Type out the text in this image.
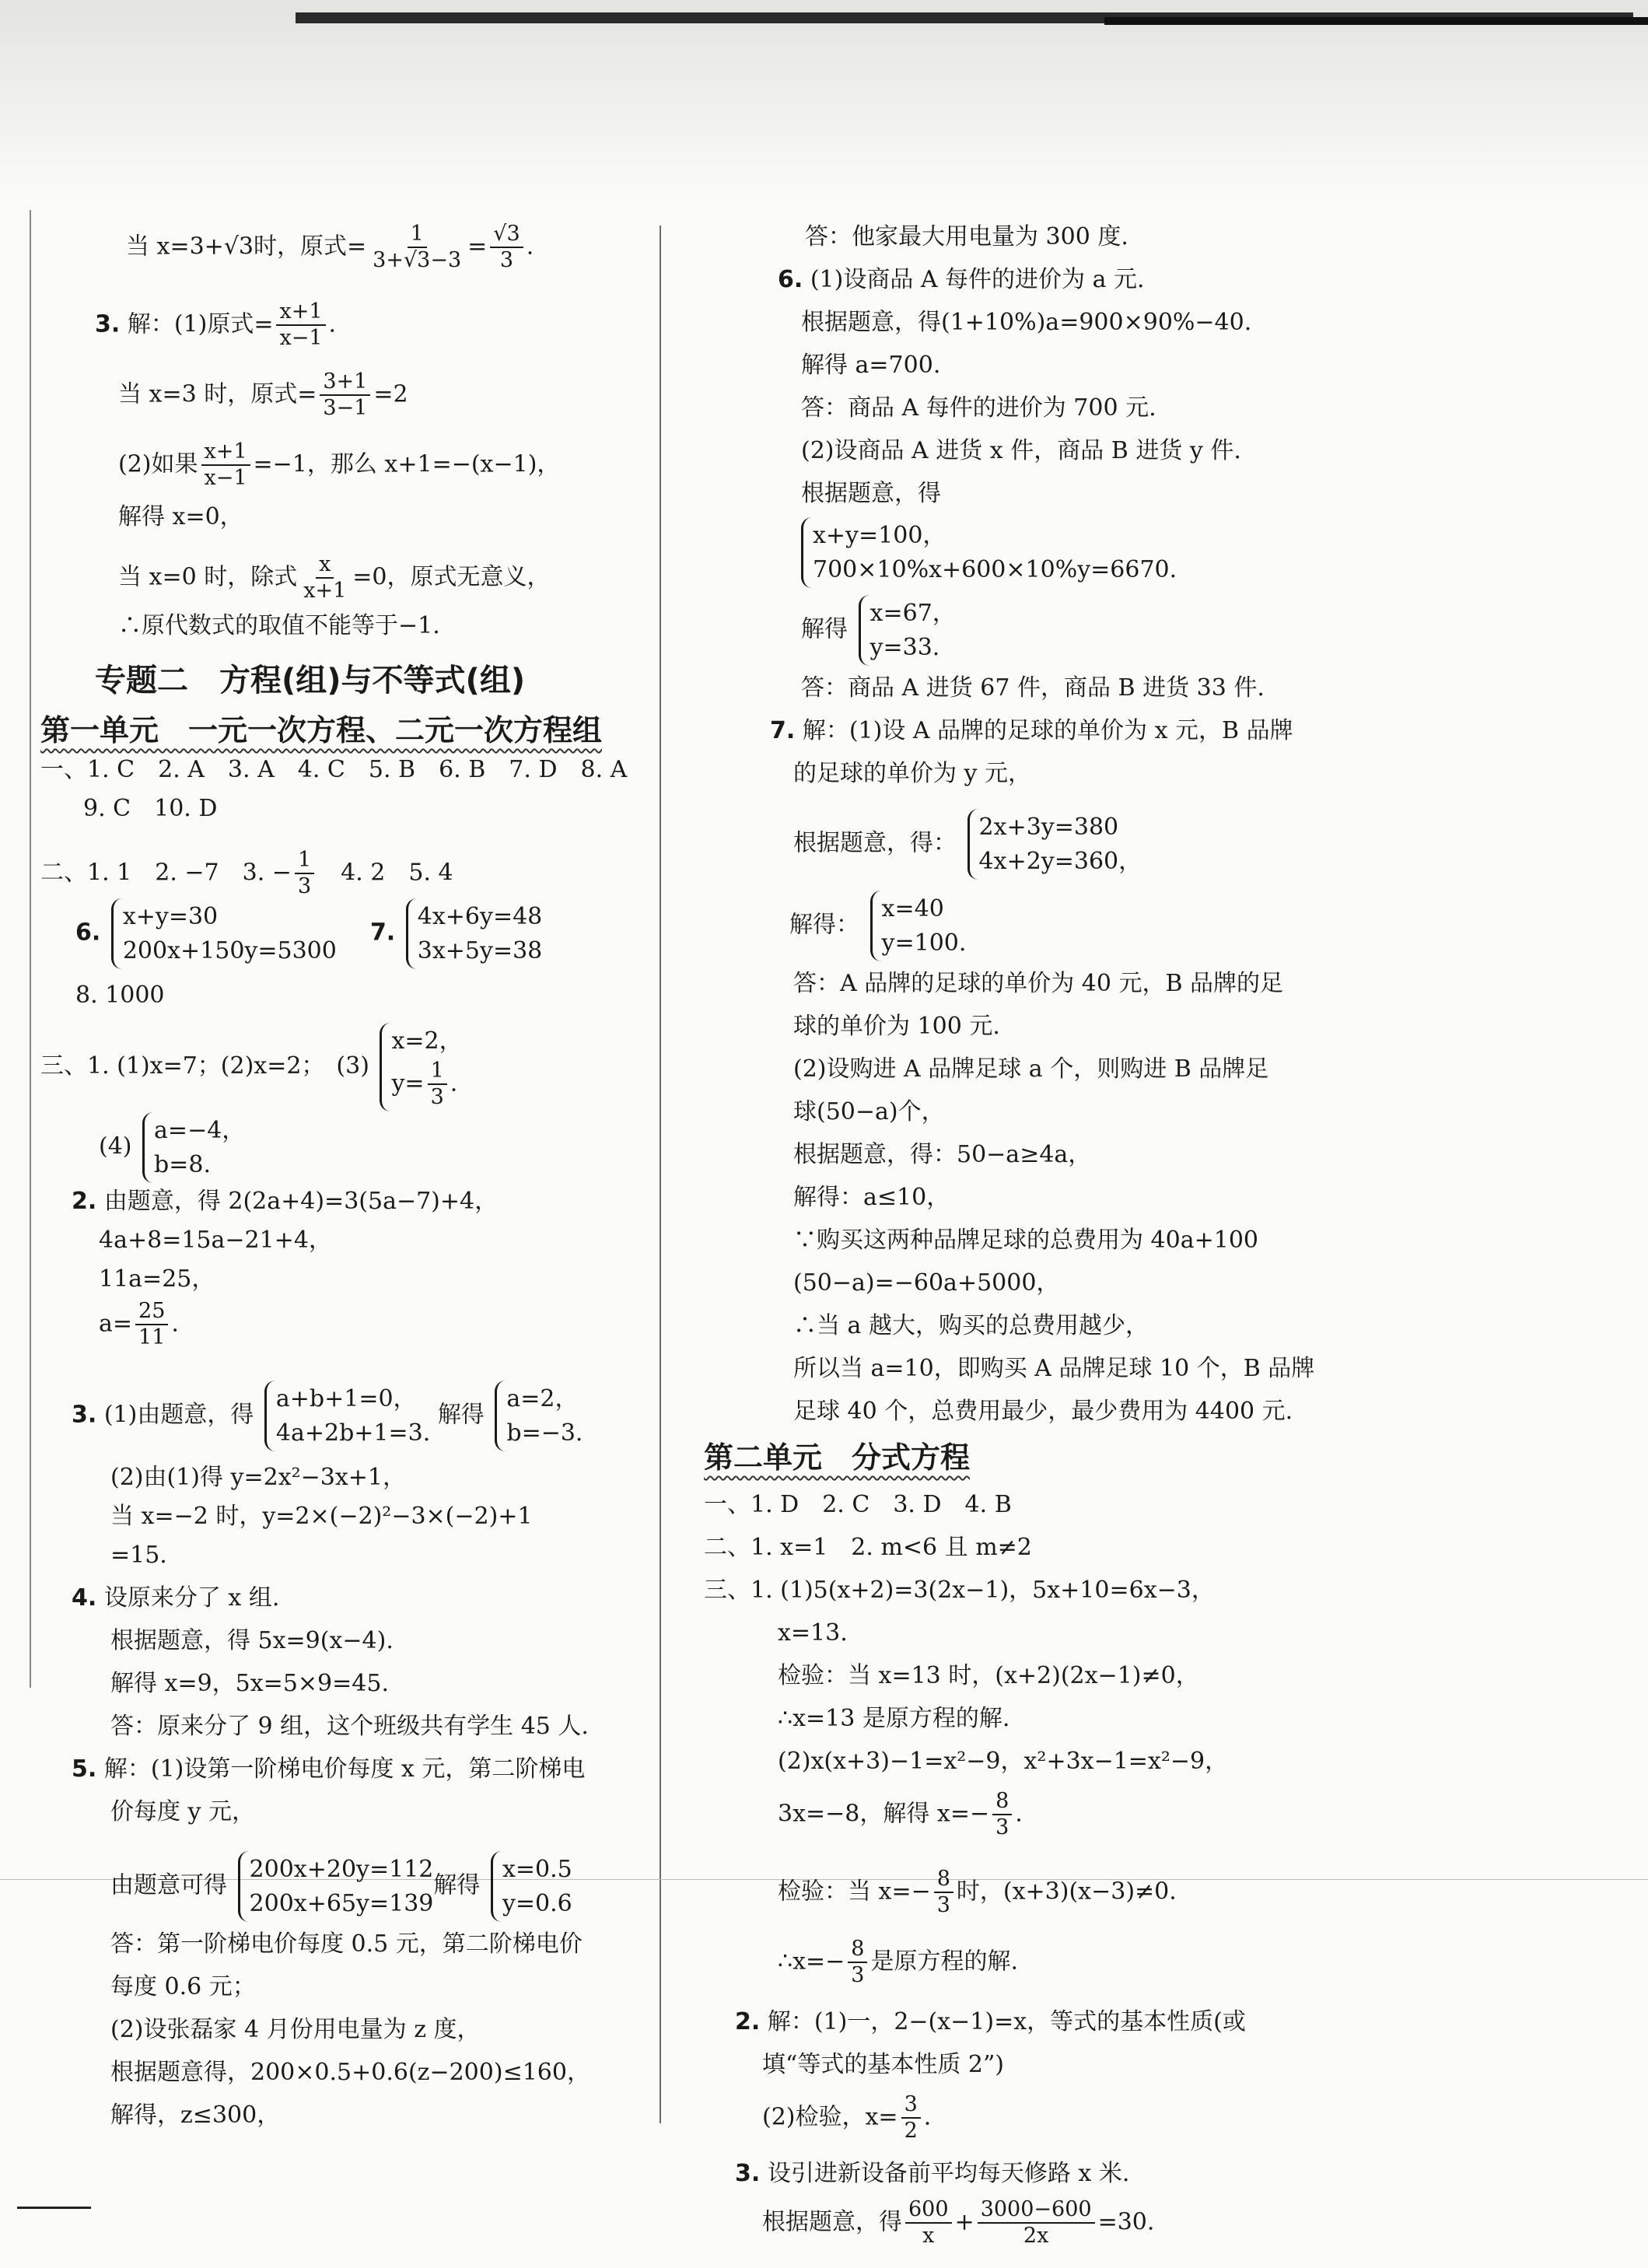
当 x=3+√3时，原式= $\frac{1}{3+√3-3} = \frac{√3}{3}$ .
3. 解：(1)原式= $\frac{x+1}{x-1}$ .
当 x=3 时，原式= $\frac{3+1}{3-1} =2$
(2)如果 $\frac{x+1}{x-1} =-1$，那么 x+1=−(x−1)，
解得 x=0，
当 x=0 时，除式 $\frac{x}{x+1} =0$，原式无意义，
∴原代数式的取值不能等于−1.
专题二　方程(组)与不等式(组)
第一单元　一元一次方程、二元一次方程组
一、1. C　2. A　3. A　4. C　5. B　6. B　7. D　8. A
9. C　10. D
二、1. 1　2. −7　3. − $\frac{1}{3}$ 　4. 2　5. 4
6.
x+y=30
200x+150y=5300
7.
4x+6y=48
3x+5y=38
8. 1000
三、1. (1)x=7；(2)x=2；　(3)
x=2，
$y= \frac{1}{3}$ .
(4)
a=−4，
b=8.
2. 由题意，得 2(2a+4)=3(5a−7)+4，
4a+8=15a−21+4，
11a=25，
$a= \frac{25}{11}$ .
3. (1)由题意，得
a+b+1=0，
4a+2b+1=3.
解得
a=2，
b=−3.
(2)由(1)得 y=2x²−3x+1，
当 x=−2 时，y=2×(−2)²−3×(−2)+1
=15.
4. 设原来分了 x 组.
根据题意，得 5x=9(x−4).
解得 x=9，5x=5×9=45.
答：原来分了 9 组，这个班级共有学生 45 人.
5. 解：(1)设第一阶梯电价每度 x 元，第二阶梯电
价每度 y 元，
由题意可得
200x+20y=112
200x+65y=139
解得
x=0.5
y=0.6
答：第一阶梯电价每度 0.5 元，第二阶梯电价
每度 0.6 元；
(2)设张磊家 4 月份用电量为 z 度，
根据题意得，200×0.5+0.6(z−200)≤160，
解得，z≤300，
答：他家最大用电量为 300 度.
6. (1)设商品 A 每件的进价为 a 元.
根据题意，得(1+10%)a=900×90%−40.
解得 a=700.
答：商品 A 每件的进价为 700 元.
(2)设商品 A 进货 x 件，商品 B 进货 y 件.
根据题意，得
x+y=100，
700×10%x+600×10%y=6670.
解得
x=67，
y=33.
答：商品 A 进货 67 件，商品 B 进货 33 件.
7. 解：(1)设 A 品牌的足球的单价为 x 元，B 品牌
的足球的单价为 y 元，
根据题意，得：
2x+3y=380
4x+2y=360，
解得：
x=40
y=100.
答：A 品牌的足球的单价为 40 元，B 品牌的足
球的单价为 100 元.
(2)设购进 A 品牌足球 a 个，则购进 B 品牌足
球(50−a)个，
根据题意，得：50−a≥4a，
解得：a≤10，
∵购买这两种品牌足球的总费用为 40a+100
(50−a)=−60a+5000，
∴当 a 越大，购买的总费用越少，
所以当 a=10，即购买 A 品牌足球 10 个，B 品牌
足球 40 个，总费用最少，最少费用为 4400 元.
第二单元　分式方程
一、1. D　2. C　3. D　4. B
二、1. x=1　2. m<6 且 m≠2
三、1. (1)5(x+2)=3(2x−1)，5x+10=6x−3，
x=13.
检验：当 x=13 时，(x+2)(2x−1)≠0，
∴x=13 是原方程的解.
(2)x(x+3)−1=x²−9，x²+3x−1=x²−9，
3x=−8，解得 $x=- \frac{8}{3}$ .
检验：当 $x=- \frac{8}{3}$ 时，(x+3)(x−3)≠0.
∴x=− $\frac{8}{3}$ 是原方程的解.
2. 解：(1)一，2−(x−1)=x，等式的基本性质(或
填“等式的基本性质 2”)
(2)检验，$x= \frac{3}{2}$ .
3. 设引进新设备前平均每天修路 x 米.
根据题意，得 $\frac{600}{x} + \frac{3000-600}{2x} =30$.
